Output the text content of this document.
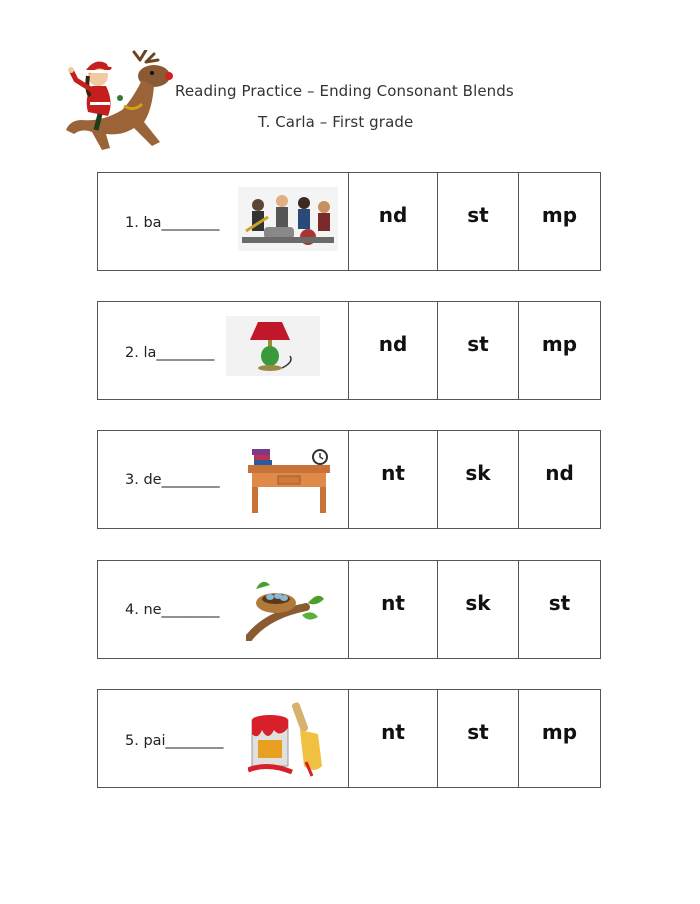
Reading Practice – Ending Consonant Blends
T. Carla – First grade
1. ba________	nd	st	mp
2. la________	nd	st	mp
3. de________	nt	sk	nd
4. ne________	nt	sk	st
5. pai________	nt	st	mp
